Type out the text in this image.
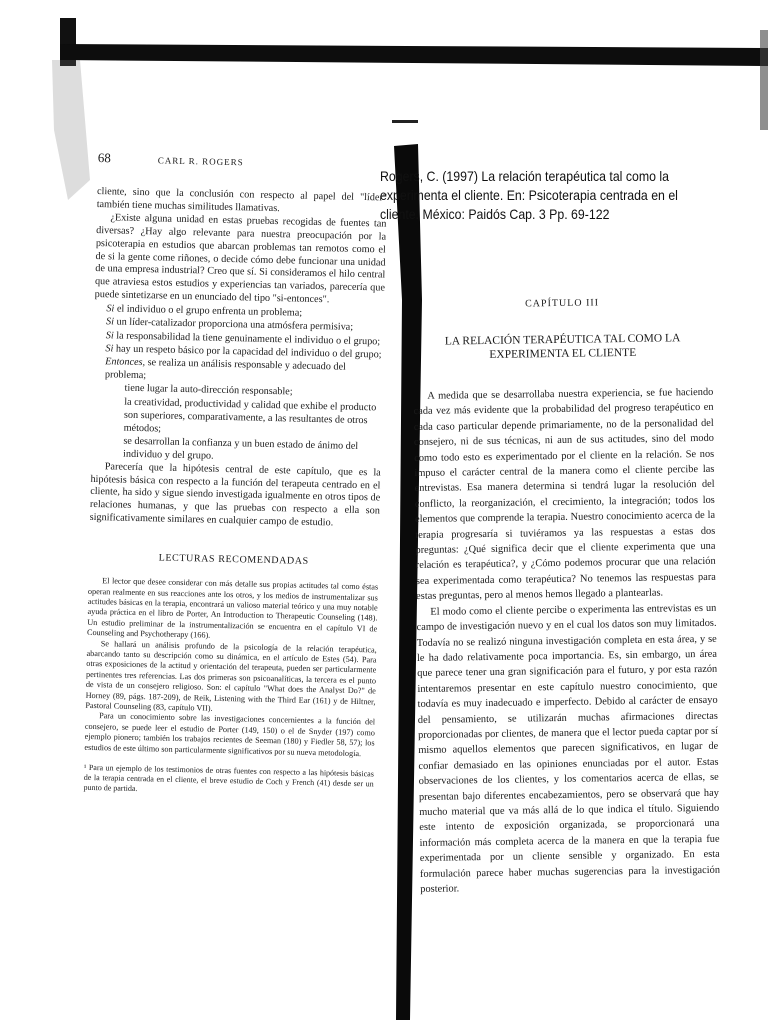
68	CARL R. ROGERS

cliente, sino que la conclusión con respecto al papel del "líder" también tiene muchas similitudes llamativas.

¿Existe alguna unidad en estas pruebas recogidas de fuentes tan diversas? ¿Hay algo relevante para nuestra preocupación por la psicoterapia en estudios que abarcan problemas tan remotos como el de si la gente come riñones, o decide cómo debe funcionar una unidad de una empresa industrial? Creo que sí. Si consideramos el hilo central que atraviesa estos estudios y experiencias tan variados, parecería que puede sintetizarse en un enunciado del tipo "si-entonces".

Si el individuo o el grupo enfrenta un problema;

Si un líder-catalizador proporciona una atmósfera permisiva;

Si la responsabilidad la tiene genuinamente el individuo o el grupo;

Si hay un respeto básico por la capacidad del individuo o del grupo;

Entonces, se realiza un análisis responsable y adecuado del problema;

tiene lugar la auto-dirección responsable;

la creatividad, productividad y calidad que exhibe el producto son superiores, comparativamente, a las resultantes de otros métodos;

se desarrollan la confianza y un buen estado de ánimo del individuo y del grupo.

Parecería que la hipótesis central de este capítulo, que es la hipótesis básica con respecto a la función del terapeuta centrado en el cliente, ha sido y sigue siendo investigada igualmente en otros tipos de relaciones humanas, y que las pruebas con respecto a ella son significativamente similares en cualquier campo de estudio.

LECTURAS RECOMENDADAS

El lector que desee considerar con más detalle sus propias actitudes tal como éstas operan realmente en sus reacciones ante los otros, y los medios de instrumentalizar sus actitudes básicas en la terapia, encontrará un valioso material teórico y una muy notable ayuda práctica en el libro de Porter, An Introduction to Therapeutic Counseling (148). Un estudio preliminar de la instrumentalización se encuentra en el capítulo VI de Counseling and Psychotherapy (166).

Se hallará un análisis profundo de la psicología de la relación terapéutica, abarcando tanto su descripción como su dinámica, en el artículo de Estes (54). Para otras exposiciones de la actitud y orientación del terapeuta, pueden ser particularmente pertinentes tres referencias. Las dos primeras son psicoanalíticas, la tercera es el punto de vista de un consejero religioso. Son: el capítulo "What does the Analyst Do?" de Horney (89, págs. 187-209), de Reik, Listening with the Third Ear (161) y de Hiltner, Pastoral Counseling (83, capítulo VII).

Para un conocimiento sobre las investigaciones concernientes a la función del consejero, se puede leer el estudio de Porter (149, 150) o el de Snyder (197) como ejemplo pionero; también los trabajos recientes de Seeman (180) y Fiedler 58, 57); los estudios de este último son particularmente significativos por su nueva metodología.

¹ Para un ejemplo de los testimonios de otras fuentes con respecto a las hipótesis básicas de la terapia centrada en el cliente, el breve estudio de Coch y French (41) desde ser un punto de partida.

Rogers, C. (1997) La relación terapéutica tal como la experimenta el cliente. En: Psicoterapia centrada en el cliente. México: Paidós Cap. 3 Pp. 69-122
CAPÍTULO III
LA RELACIÓN TERAPÉUTICA TAL COMO LA EXPERIMENTA EL CLIENTE

A medida que se desarrollaba nuestra experiencia, se fue haciendo cada vez más evidente que la probabilidad del progreso terapéutico en cada caso particular depende primariamente, no de la personalidad del consejero, ni de sus técnicas, ni aun de sus actitudes, sino del modo como todo esto es experimentado por el cliente en la relación. Se nos impuso el carácter central de la manera como el cliente percibe las entrevistas. Esa manera determina si tendrá lugar la resolución del conflicto, la reorganización, el crecimiento, la integración; todos los elementos que comprende la terapia. Nuestro conocimiento acerca de la terapia progresaría si tuviéramos ya las respuestas a estas dos preguntas: ¿Qué significa decir que el cliente experimenta que una relación es terapéutica?, y ¿Cómo podemos procurar que una relación sea experimentada como terapéutica? No tenemos las respuestas para estas preguntas, pero al menos hemos llegado a plantearlas.

El modo como el cliente percibe o experimenta las entrevistas es un campo de investigación nuevo y en el cual los datos son muy limitados. Todavía no se realizó ninguna investigación completa en esta área, y se le ha dado relativamente poca importancia. Es, sin embargo, un área que parece tener una gran significación para el futuro, y por esta razón intentaremos presentar en este capítulo nuestro conocimiento, que todavía es muy inadecuado e imperfecto. Debido al carácter de ensayo del pensamiento, se utilizarán muchas afirmaciones directas proporcionadas por clientes, de manera que el lector pueda captar por sí mismo aquellos elementos que parecen significativos, en lugar de confiar demasiado en las opiniones enunciadas por el autor. Estas observaciones de los clientes, y los comentarios acerca de ellas, se presentan bajo diferentes encabezamientos, pero se observará que hay mucho material que va más allá de lo que indica el título. Siguiendo este intento de exposición organizada, se proporcionará una información más completa acerca de la manera en que la terapia fue experimentada por un cliente sensible y organizado. En esta formulación parece haber muchas sugerencias para la investigación posterior.
